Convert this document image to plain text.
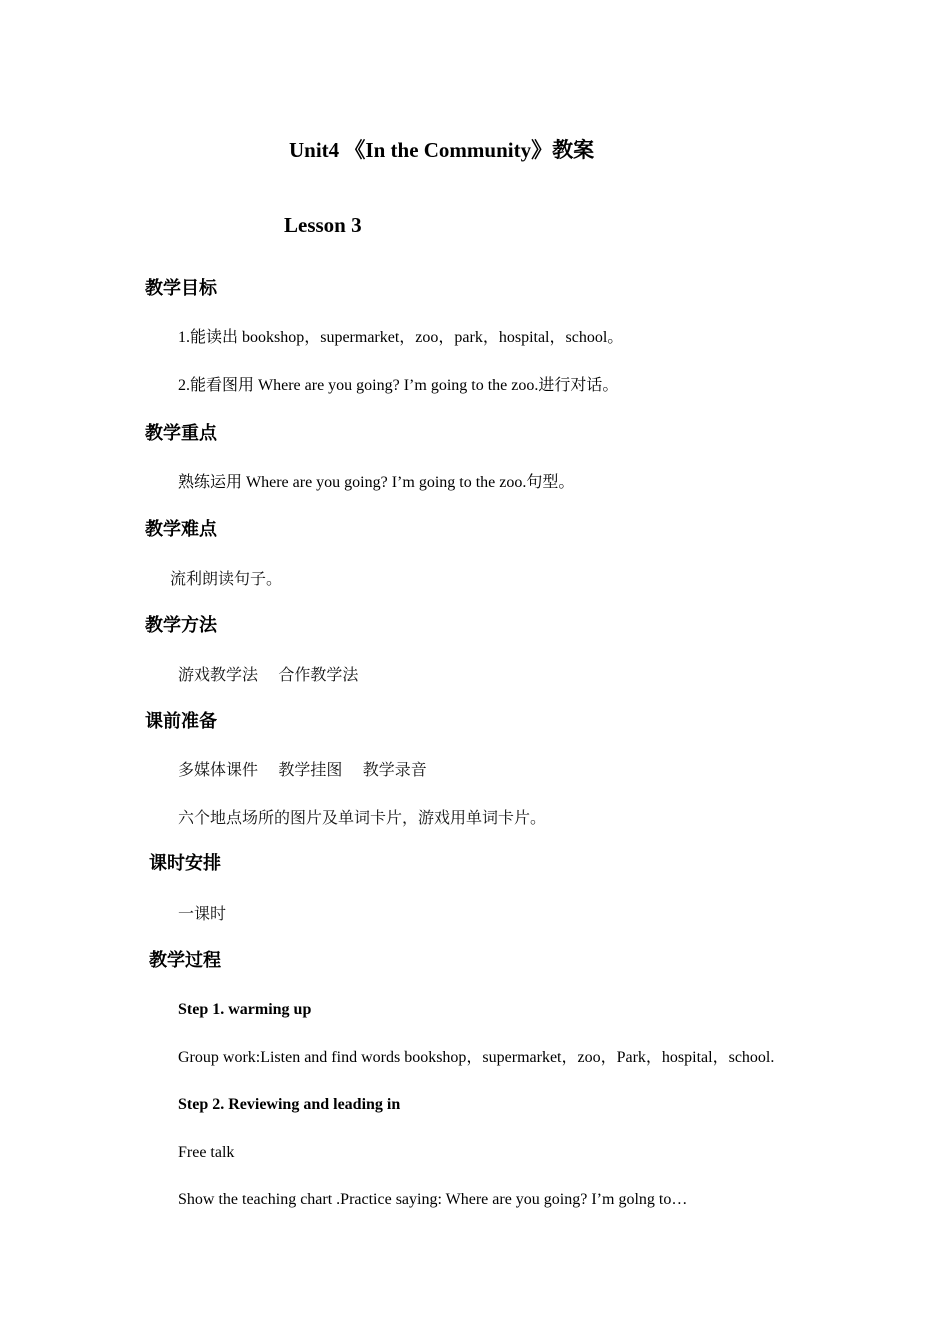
Unit4 《In the Community》教案
Lesson 3
教学目标
1.能读出 bookshop，supermarket，zoo，park，hospital，school。
2.能看图用 Where are you going? I’m going to the zoo.进行对话。
教学重点
熟练运用 Where are you going? I’m going to the zoo.句型。
教学难点
流利朗读句子。
教学方法
游戏教学法    合作教学法
课前准备
多媒体课件    教学挂图    教学录音
六个地点场所的图片及单词卡片，游戏用单词卡片。
课时安排
一课时
教学过程
Step 1. warming up
Group work:Listen and find words bookshop，supermarket，zoo，Park，hospital，school.
Step 2. Reviewing and leading in
Free talk
Show the teaching chart .Practice saying: Where are you going? I’m golng to…
